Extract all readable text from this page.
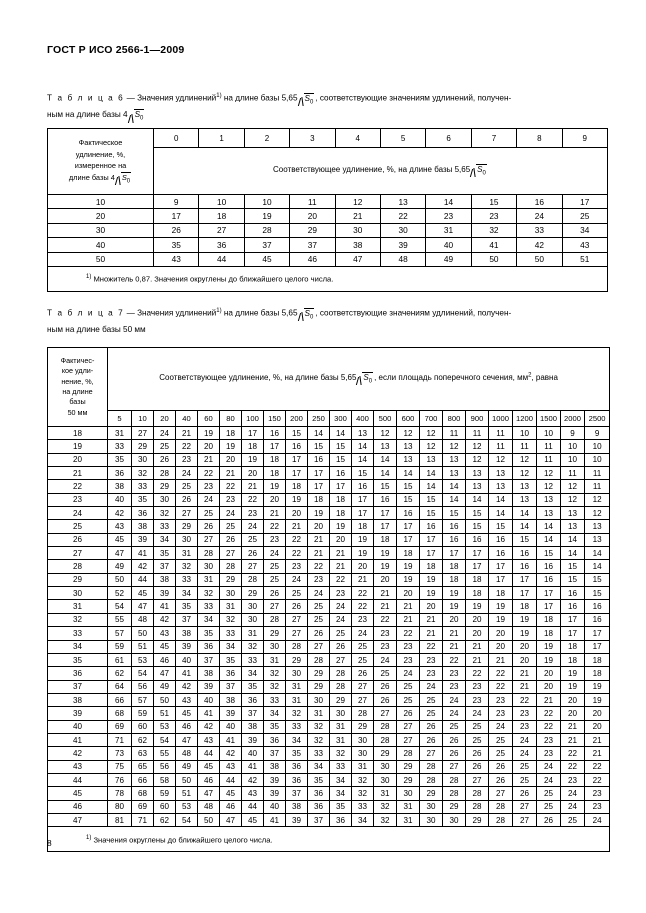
ГОСТ Р ИСО 2566-1—2009
Т а б л и ц а 6 — Значения удлинений$^{1)}$ на длине базы 5,65 $S_0$ , соответствующие значениям удлинений, получен-
ным на длине базы 4 $S_0$
Фактическое
удлинение, %,
измеренное на
длине базы 4 $S_0$	0	1	2	3	4	5	6	7	8	9
	Соответствующее удлинение, %, на длине базы 5,65 $S_0$
10	9	10	10	11	12	13	14	15	16	17
20	17	18	19	20	21	22	23	23	24	25
30	26	27	28	29	30	30	31	32	33	34
40	35	36	37	37	38	39	40	41	42	43
50	43	44	45	46	47	48	49	50	50	51
$^{1)}$ Множитель 0,87. Значения округлены до ближайшего целого числа.										
Т а б л и ц а 7 — Значения удлинений$^{1)}$ на длине базы 5,65 $S_0$ , соответствующие значениям удлинений, получен-
ным на длине базы 50 мм
Фактичес-
кое удли-
нение, %,
на длине
базы
50 мм
	Соответствующее удлинение, %, на длине базы 5,65 $S_0$ , если площадь поперечного сечения, $мм^2$, равна
	5	10	20	40	60	80	100	150	200	250	300	400	500	600	700	800	900	1000	1200	1500	2000	2500
18	31	27	24	21	19	18	17	16	15	14	14	13	12	12	12	11	11	11	10	10	9	9
19	33	29	25	22	20	19	18	17	16	15	15	14	13	13	12	12	12	11	11	11	10	10
20	35	30	26	23	21	20	19	18	17	16	15	14	14	13	13	13	12	12	12	11	10	10
21	36	32	28	24	22	21	20	18	17	17	16	15	14	14	14	13	13	13	12	12	11	11
22	38	33	29	25	23	22	21	19	18	17	17	16	15	15	14	14	13	13	13	12	12	11
23	40	35	30	26	24	23	22	20	19	18	18	17	16	15	15	14	14	14	13	13	12	12
24	42	36	32	27	25	24	23	21	20	19	18	17	17	16	15	15	15	14	14	13	13	12
25	43	38	33	29	26	25	24	22	21	20	19	18	17	17	16	16	15	15	14	14	13	13
26	45	39	34	30	27	26	25	23	22	21	20	19	18	17	17	16	16	16	15	14	14	13
27	47	41	35	31	28	27	26	24	22	21	21	19	19	18	17	17	17	16	16	15	14	14
28	49	42	37	32	30	28	27	25	23	22	21	20	19	19	18	18	17	17	16	16	15	14
29	50	44	38	33	31	29	28	25	24	23	22	21	20	19	19	18	18	17	17	16	15	15
30	52	45	39	34	32	30	29	26	25	24	23	22	21	20	19	19	18	18	17	17	16	15
31	54	47	41	35	33	31	30	27	26	25	24	22	21	21	20	19	19	19	18	17	16	16
32	55	48	42	37	34	32	30	28	27	25	24	23	22	21	21	20	20	19	19	18	17	16
33	57	50	43	38	35	33	31	29	27	26	25	24	23	22	21	21	20	20	19	18	17	17
34	59	51	45	39	36	34	32	30	28	27	26	25	23	23	22	21	21	20	20	19	18	17
35	61	53	46	40	37	35	33	31	29	28	27	25	24	23	23	22	21	21	20	19	18	18
36	62	54	47	41	38	36	34	32	30	29	28	26	25	24	23	23	22	22	21	20	19	18
37	64	56	49	42	39	37	35	32	31	29	28	27	26	25	24	23	23	22	21	20	19	19
38	66	57	50	43	40	38	36	33	31	30	29	27	26	25	25	24	23	23	22	21	20	19
39	68	59	51	45	41	39	37	34	32	31	30	28	27	26	25	24	24	23	23	22	20	20
40	69	60	53	46	42	40	38	35	33	32	31	29	28	27	26	25	25	24	23	22	21	20
41	71	62	54	47	43	41	39	36	34	32	31	30	28	27	26	26	25	25	24	23	21	21
42	73	63	55	48	44	42	40	37	35	33	32	30	29	28	27	26	26	25	24	23	22	21
43	75	65	56	49	45	43	41	38	36	34	33	31	30	29	28	27	26	26	25	24	22	22
44	76	66	58	50	46	44	42	39	36	35	34	32	30	29	28	28	27	26	25	24	23	22
45	78	68	59	51	47	45	43	39	37	36	34	32	31	30	29	28	28	27	26	25	24	23
46	80	69	60	53	48	46	44	40	38	36	35	33	32	31	30	29	28	28	27	25	24	23
47	81	71	62	54	50	47	45	41	39	37	36	34	32	31	30	30	29	28	27	26	25	24
$^{1)}$ Значения округлены до ближайшего целого числа.																						
8
